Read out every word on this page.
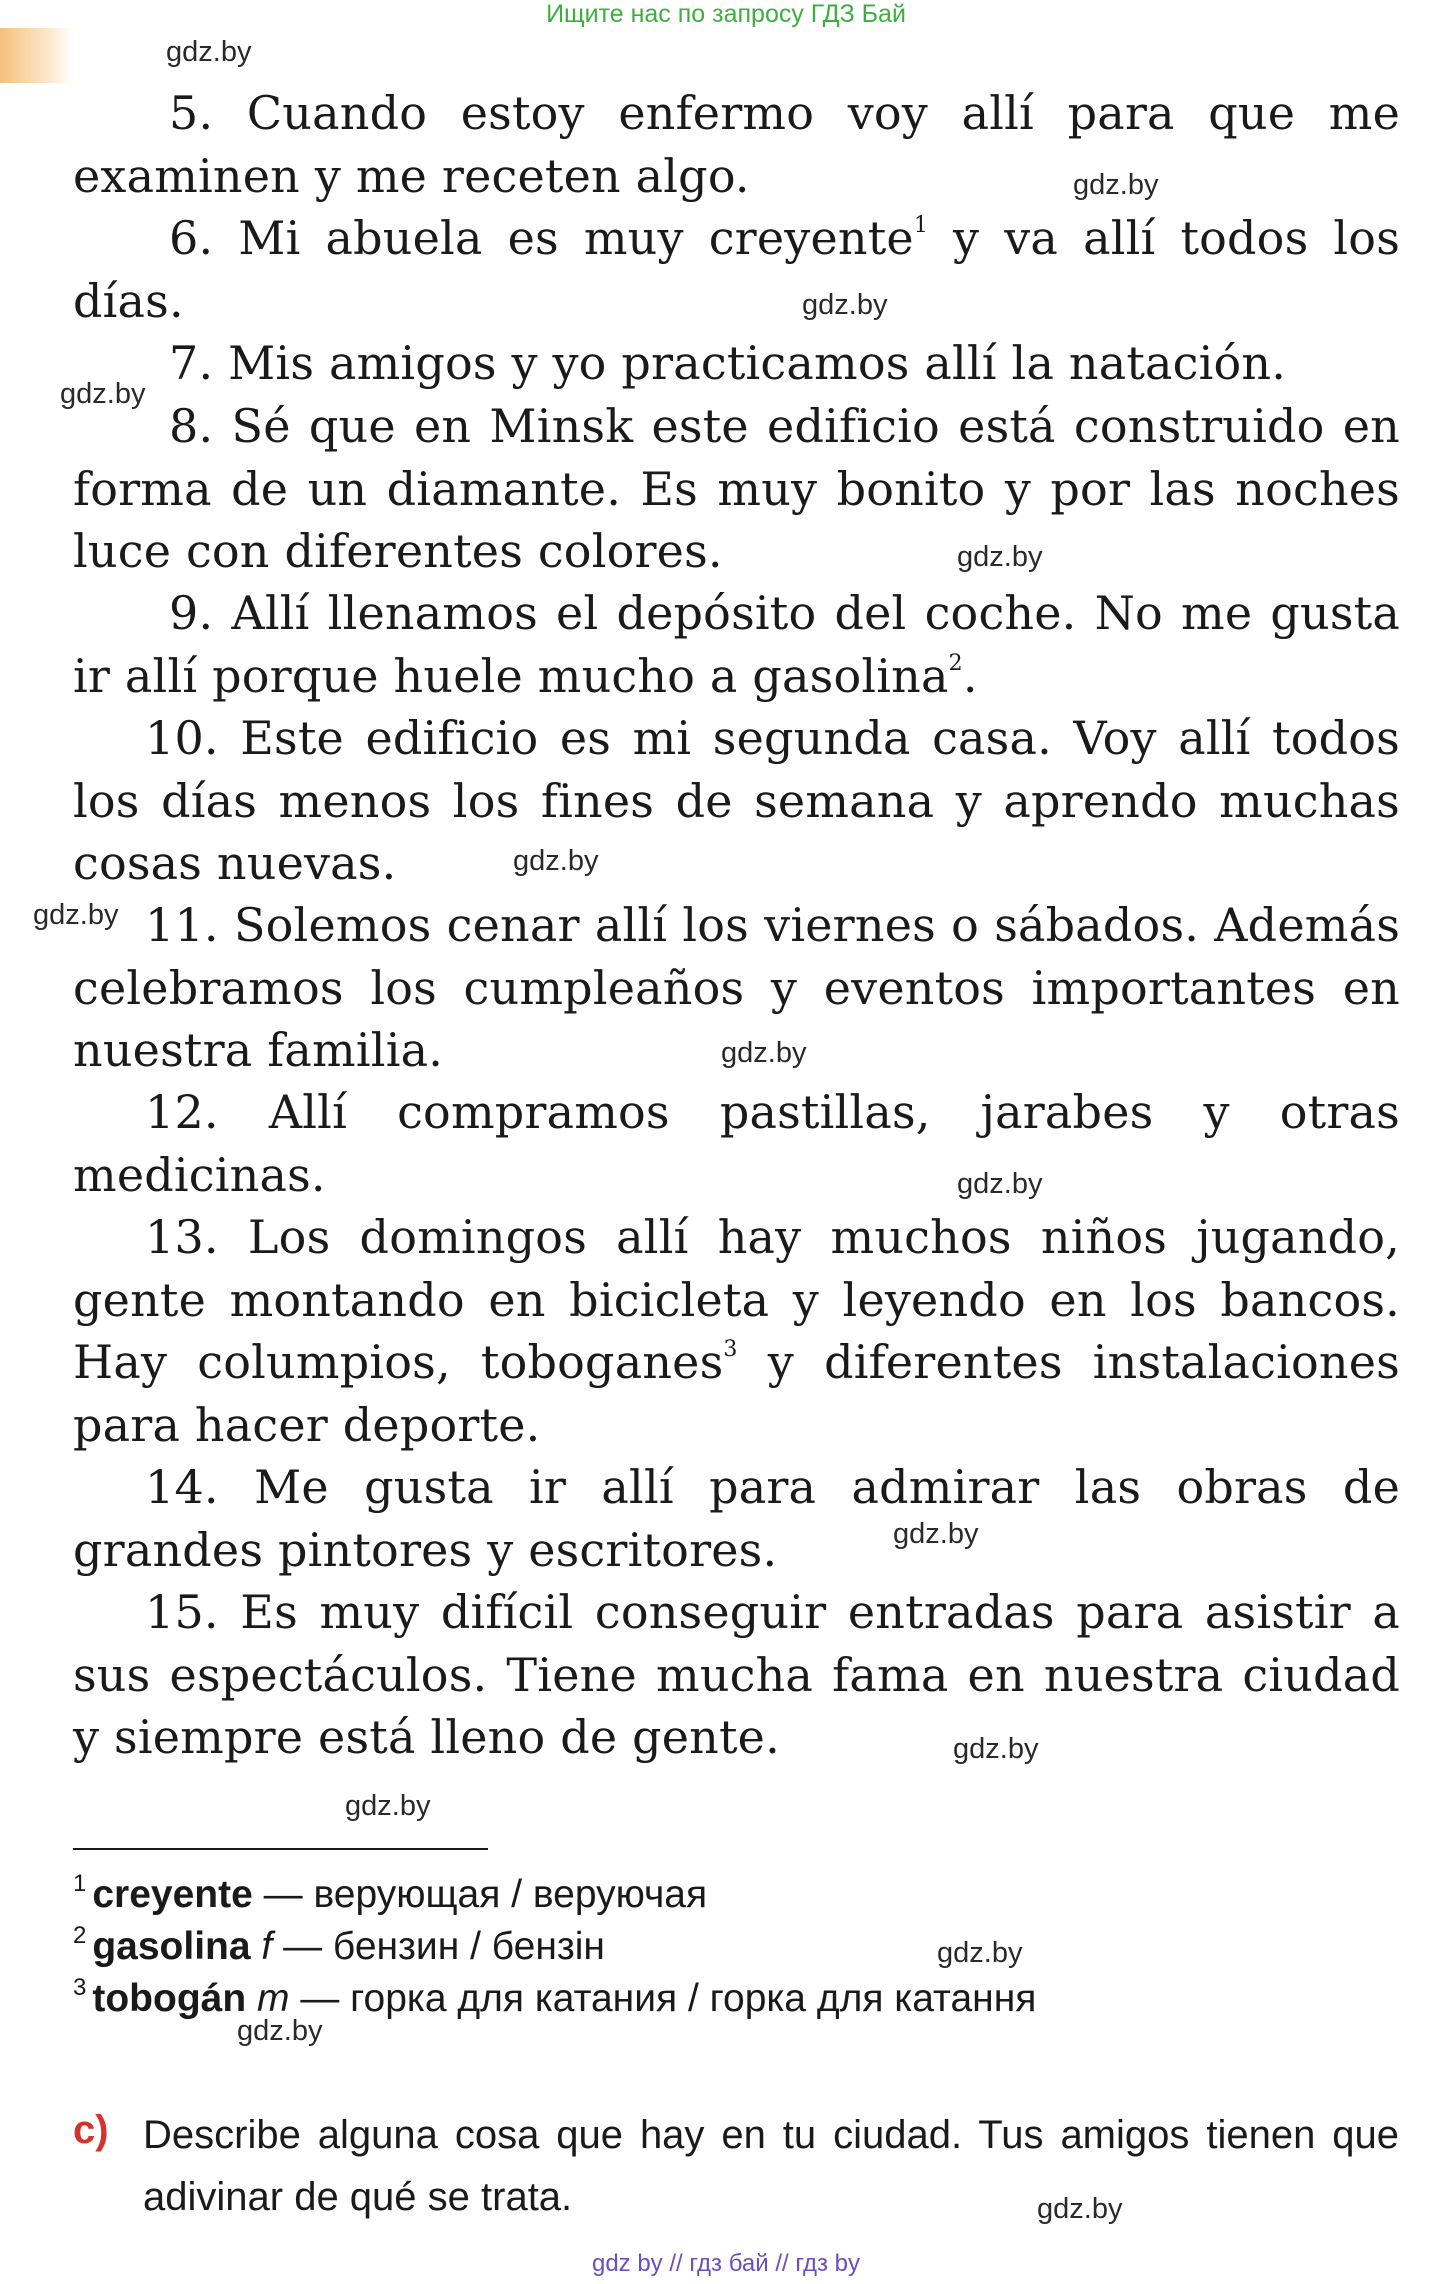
Ищите нас по запросу ГДЗ Бай
gdz.by
gdz.by
gdz.by
gdz.by
gdz.by
gdz.by
gdz.by
gdz.by
gdz.by
gdz.by
gdz.by
gdz.by
gdz.by
gdz.by
gdz.by
5. Cuando estoy enfermo voy allí para que me examinen y me receten algo.
6. Mi abuela es muy creyente$^1$ y va allí todos los días.
7. Mis amigos y yo practicamos allí la natación.
8. Sé que en Minsk este edificio está construido en forma de un diamante. Es muy bonito y por las noches luce con diferentes colores.
9. Allí llenamos el depósito del coche. No me gusta ir allí porque huele mucho a gasolina$^2$.
10. Este edificio es mi segunda casa. Voy allí todos los días menos los fines de semana y aprendo muchas cosas nuevas.
11. Solemos cenar allí los viernes o sábados. Además celebramos los cumpleaños y eventos importantes en nuestra familia.
12. Allí compramos pastillas, jarabes y otras medicinas.
13. Los domingos allí hay muchos niños jugando, gente montando en bicicleta y leyendo en los bancos. Hay columpios, toboganes$^3$ y diferentes instalaciones para hacer deporte.
14. Me gusta ir allí para admirar las obras de grandes pintores y escritores.
15. Es muy difícil conseguir entradas para asistir a sus espectáculos. Tiene mucha fama en nuestra ciudad y siempre está lleno de gente.
$^1$ creyente — верующая / веруючая
$^2$ gasolina f — бензин / бензін
$^3$ tobogán m — горка для катания / горка для катання
c) Describe alguna cosa que hay en tu ciudad. Tus amigos tienen que adivinar de qué se trata.
gdz by // гдз бай // гдз by
